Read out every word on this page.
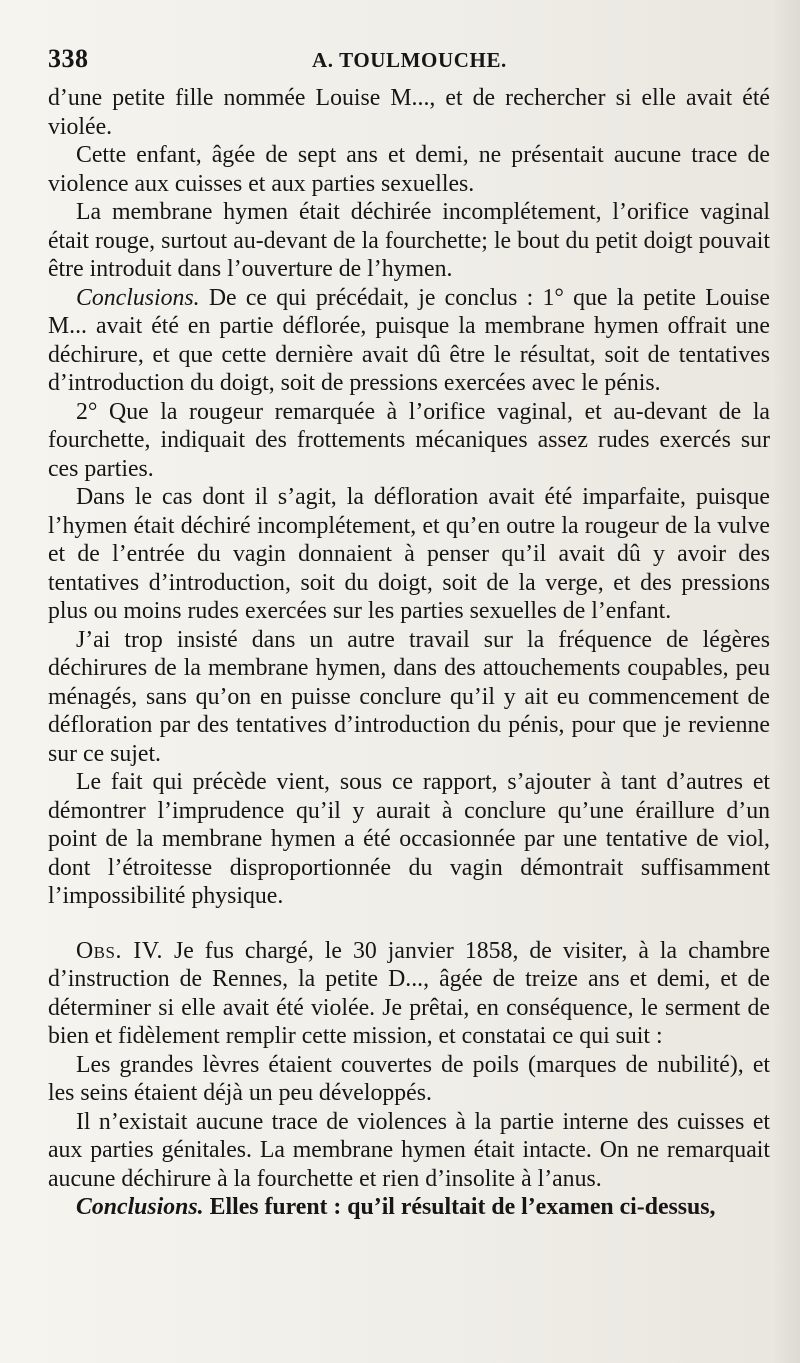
338	A. TOULMOUCHE.

d’une petite fille nommée Louise M..., et de rechercher si elle avait été violée.

Cette enfant, âgée de sept ans et demi, ne présentait aucune trace de violence aux cuisses et aux parties sexuelles.

La membrane hymen était déchirée incomplétement, l’orifice vaginal était rouge, surtout au-devant de la fourchette; le bout du petit doigt pouvait être introduit dans l’ouverture de l’hymen.

Conclusions. De ce qui précédait, je conclus : 1° que la petite Louise M... avait été en partie déflorée, puisque la membrane hymen offrait une déchirure, et que cette dernière avait dû être le résultat, soit de tentatives d’introduction du doigt, soit de pressions exercées avec le pénis.

2° Que la rougeur remarquée à l’orifice vaginal, et au-devant de la fourchette, indiquait des frottements mécaniques assez rudes exercés sur ces parties.

Dans le cas dont il s’agit, la défloration avait été imparfaite, puisque l’hymen était déchiré incomplétement, et qu’en outre la rougeur de la vulve et de l’entrée du vagin donnaient à penser qu’il avait dû y avoir des tentatives d’introduction, soit du doigt, soit de la verge, et des pressions plus ou moins rudes exercées sur les parties sexuelles de l’enfant.

J’ai trop insisté dans un autre travail sur la fréquence de légères déchirures de la membrane hymen, dans des attouchements coupables, peu ménagés, sans qu’on en puisse conclure qu’il y ait eu commencement de défloration par des tentatives d’introduction du pénis, pour que je revienne sur ce sujet.

Le fait qui précède vient, sous ce rapport, s’ajouter à tant d’autres et démontrer l’imprudence qu’il y aurait à conclure qu’une éraillure d’un point de la membrane hymen a été occasionnée par une tentative de viol, dont l’étroitesse disproportionnée du vagin démontrait suffisamment l’impossibilité physique.

Obs. IV. Je fus chargé, le 30 janvier 1858, de visiter, à la chambre d’instruction de Rennes, la petite D..., âgée de treize ans et demi, et de déterminer si elle avait été violée. Je prêtai, en conséquence, le serment de bien et fidèlement remplir cette mission, et constatai ce qui suit :

Les grandes lèvres étaient couvertes de poils (marques de nubilité), et les seins étaient déjà un peu développés.

Il n’existait aucune trace de violences à la partie interne des cuisses et aux parties génitales. La membrane hymen était intacte. On ne remarquait aucune déchirure à la fourchette et rien d’insolite à l’anus.

Conclusions. Elles furent : qu’il résultait de l’examen ci-dessus,
